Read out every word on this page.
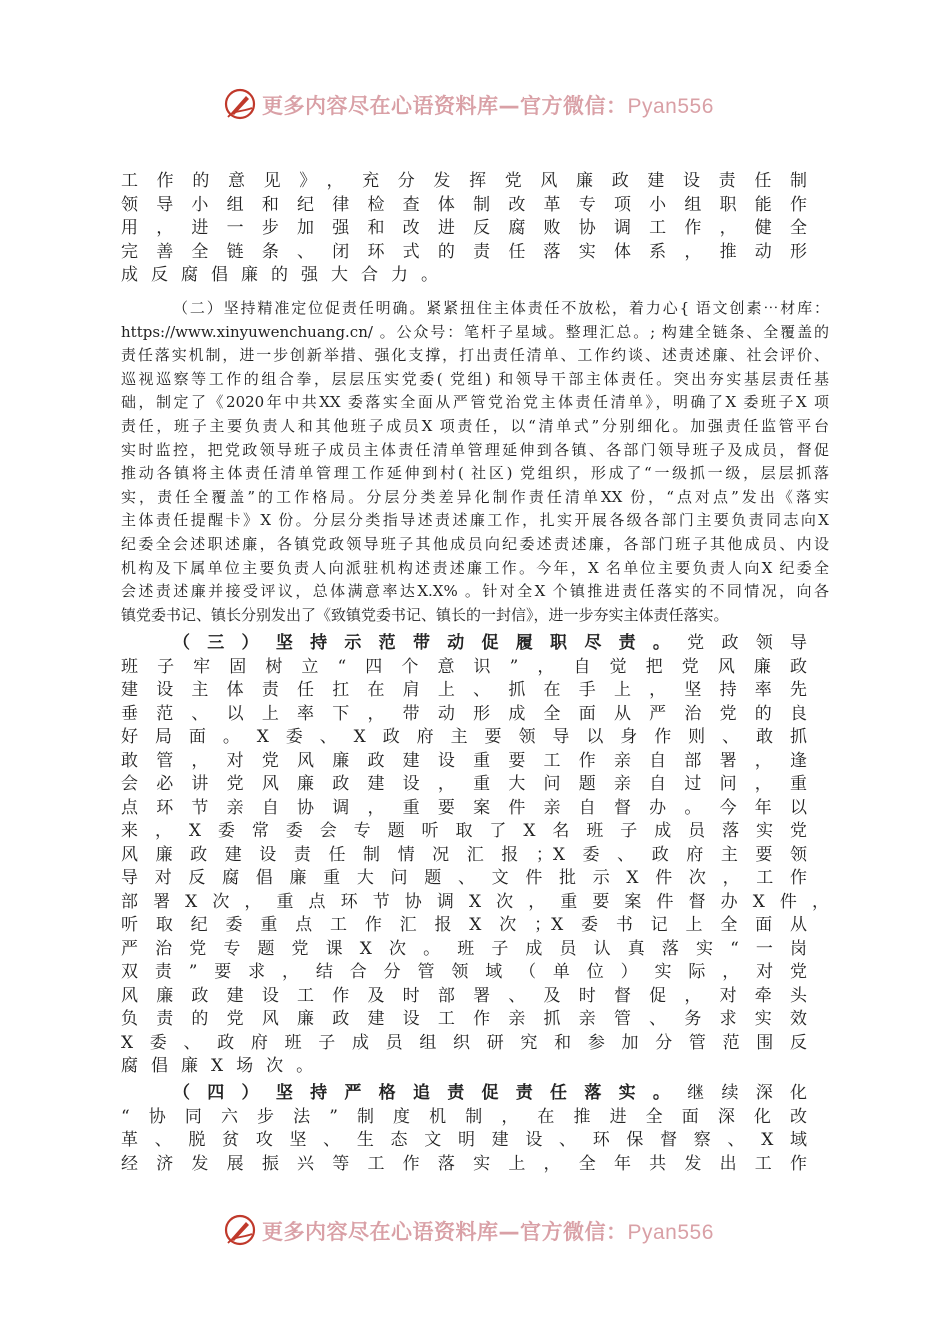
更多内容尽在心语资料库—官方微信：Pyan556
工作的意见》，充分发挥党风廉政建设责任制
领导小组和纪律检查体制改革专项小组职能作
用，进一步加强和改进反腐败协调工作，健全
完善全链条、闭环式的责任落实体系，推动形
成反腐倡廉的强大合力。
（二）坚持精准定位促责任明确。紧紧扭住主体责任不放松，着力心{ 语文创素⋯材库：
https://www.xinyuwenchuang.cn/ 。公众号：笔杆子星域。整理汇总。; 构建全链条、全覆盖的
责任落实机制，进一步创新举措、强化支撑，打出责任清单、工作约谈、述责述廉、社会评价、
巡视巡察等工作的组合拳，层层压实党委( 党组) 和领导干部主体责任。突出夯实基层责任基
础，制定了《2020年中共XX 委落实全面从严管党治党主体责任清单》，明确了X 委班子X 项
责任，班子主要负责人和其他班子成员X 项责任，以“清单式”分别细化。加强责任监管平台
实时监控，把党政领导班子成员主体责任清单管理延伸到各镇、各部门领导班子及成员，督促
推动各镇将主体责任清单管理工作延伸到村( 社区) 党组织，形成了“一级抓一级，层层抓落
实，责任全覆盖”的工作格局。分层分类差异化制作责任清单XX 份，“点对点”发出《落实
主体责任提醒卡》X 份。分层分类指导述责述廉工作，扎实开展各级各部门主要负责同志向X
纪委全会述职述廉，各镇党政领导班子其他成员向纪委述责述廉，各部门班子其他成员、内设
机构及下属单位主要负责人向派驻机构述责述廉工作。今年，X 名单位主要负责人向X 纪委全
会述责述廉并接受评议，总体满意率达X.X% 。针对全X 个镇推进责任落实的不同情况，向各
镇党委书记、镇长分别发出了《致镇党委书记、镇长的一封信》，进一步夯实主体责任落实。
（三）坚持示范带动促履职尽责。党政领导
班子牢固树立“四个意识”，自觉把党风廉政
建设主体责任扛在肩上、抓在手上，坚持率先
垂范、以上率下，带动形成全面从严治党的良
好局面。X委、X政府主要领导以身作则、敢抓
敢管，对党风廉政建设重要工作亲自部署，逢
会必讲党风廉政建设，重大问题亲自过问，重
点环节亲自协调，重要案件亲自督办。今年以
来，X委常委会专题听取了X名班子成员落实党
风廉政建设责任制情况汇报；X委、政府主要领
导对反腐倡廉重大问题、文件批示X件次，工作
部署X次，重点环节协调X次，重要案件督办X件，
听取纪委重点工作汇报X次；X委书记上全面从
严治党专题党课X次。班子成员认真落实“一岗
双责”要求，结合分管领域（单位）实际，对党
风廉政建设工作及时部署、及时督促，对牵头
负责的党风廉政建设工作亲抓亲管、务求实效
X委、政府班子成员组织研究和参加分管范围反
腐倡廉X场次。
（四）坚持严格追责促责任落实。继续深化
“协同六步法”制度机制，在推进全面深化改
革、脱贫攻坚、生态文明建设、环保督察、X域
经济发展振兴等工作落实上，全年共发出工作
更多内容尽在心语资料库—官方微信：Pyan556
